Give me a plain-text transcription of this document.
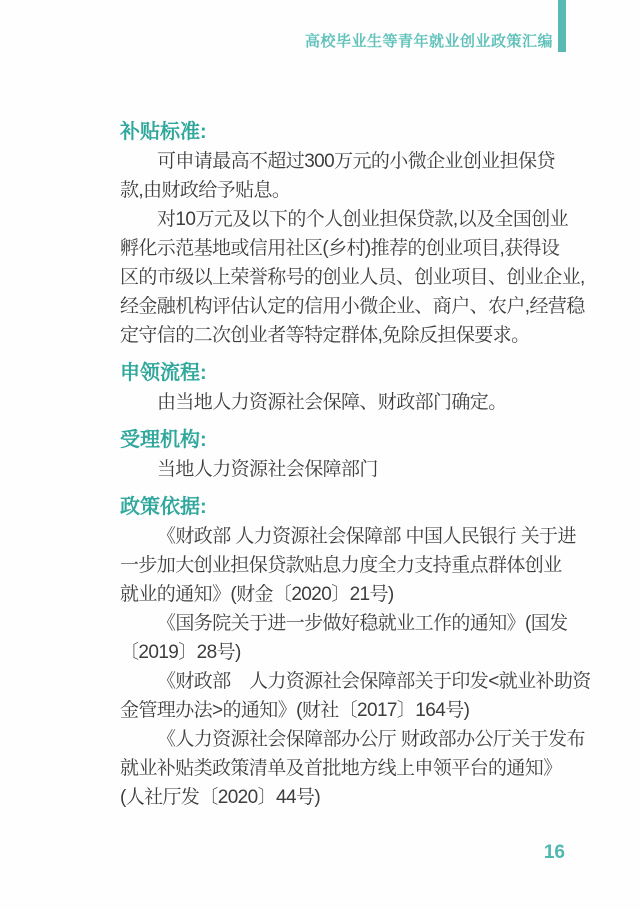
高校毕业生等青年就业创业政策汇编
补贴标准:
可申请最高不超过300万元的小微企业创业担保贷
款,由财政给予贴息。
对10万元及以下的个人创业担保贷款,以及全国创业
孵化示范基地或信用社区(乡村)推荐的创业项目,获得设
区的市级以上荣誉称号的创业人员、创业项目、创业企业,
经金融机构评估认定的信用小微企业、商户、农户,经营稳
定守信的二次创业者等特定群体,免除反担保要求。
申领流程:
由当地人力资源社会保障、财政部门确定。
受理机构:
当地人力资源社会保障部门
政策依据:
《财政部 人力资源社会保障部 中国人民银行 关于进
一步加大创业担保贷款贴息力度全力支持重点群体创业
就业的通知》(财金〔2020〕21号)
《国务院关于进一步做好稳就业工作的通知》(国发
〔2019〕28号)
《财政部　人力资源社会保障部关于印发<就业补助资
金管理办法>的通知》(财社〔2017〕164号)
《人力资源社会保障部办公厅 财政部办公厅关于发布
就业补贴类政策清单及首批地方线上申领平台的通知》
(人社厅发〔2020〕44号)
16
